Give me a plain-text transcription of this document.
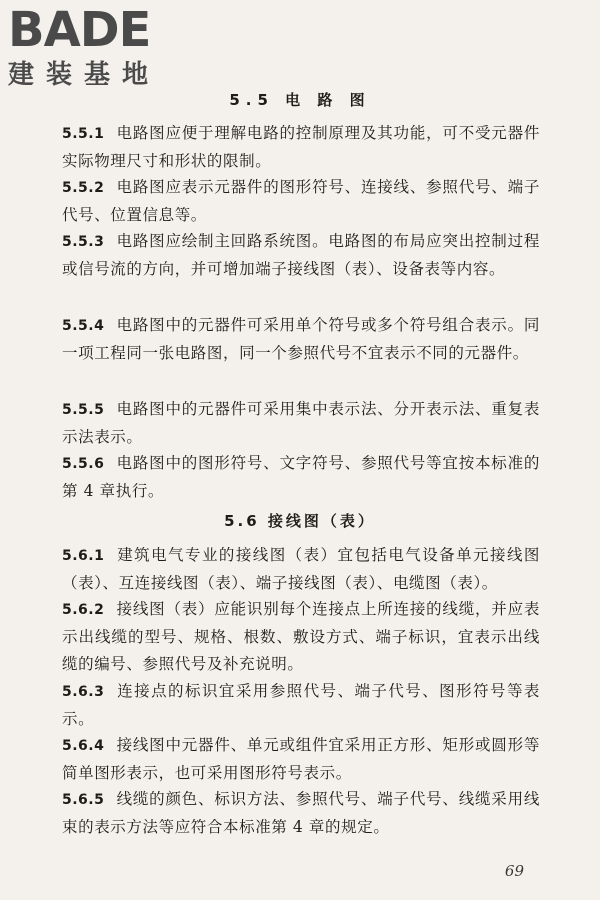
BADE
建装基地
5.5 电 路 图
5.5.1 电路图应便于理解电路的控制原理及其功能，可不受元器件实际物理尺寸和形状的限制。
5.5.2 电路图应表示元器件的图形符号、连接线、参照代号、端子代号、位置信息等。
5.5.3 电路图应绘制主回路系统图。电路图的布局应突出控制过程或信号流的方向，并可增加端子接线图（表）、设备表等内容。
5.5.4 电路图中的元器件可采用单个符号或多个符号组合表示。同一项工程同一张电路图，同一个参照代号不宜表示不同的元器件。
5.5.5 电路图中的元器件可采用集中表示法、分开表示法、重复表示法表示。
5.5.6 电路图中的图形符号、文字符号、参照代号等宜按本标准的第 4 章执行。
5.6 接线图（表）
5.6.1 建筑电气专业的接线图（表）宜包括电气设备单元接线图（表）、互连接线图（表）、端子接线图（表）、电缆图（表）。
5.6.2 接线图（表）应能识别每个连接点上所连接的线缆，并应表示出线缆的型号、规格、根数、敷设方式、端子标识，宜表示出线缆的编号、参照代号及补充说明。
5.6.3 连接点的标识宜采用参照代号、端子代号、图形符号等表示。
5.6.4 接线图中元器件、单元或组件宜采用正方形、矩形或圆形等简单图形表示，也可采用图形符号表示。
5.6.5 线缆的颜色、标识方法、参照代号、端子代号、线缆采用线束的表示方法等应符合本标准第 4 章的规定。
69
